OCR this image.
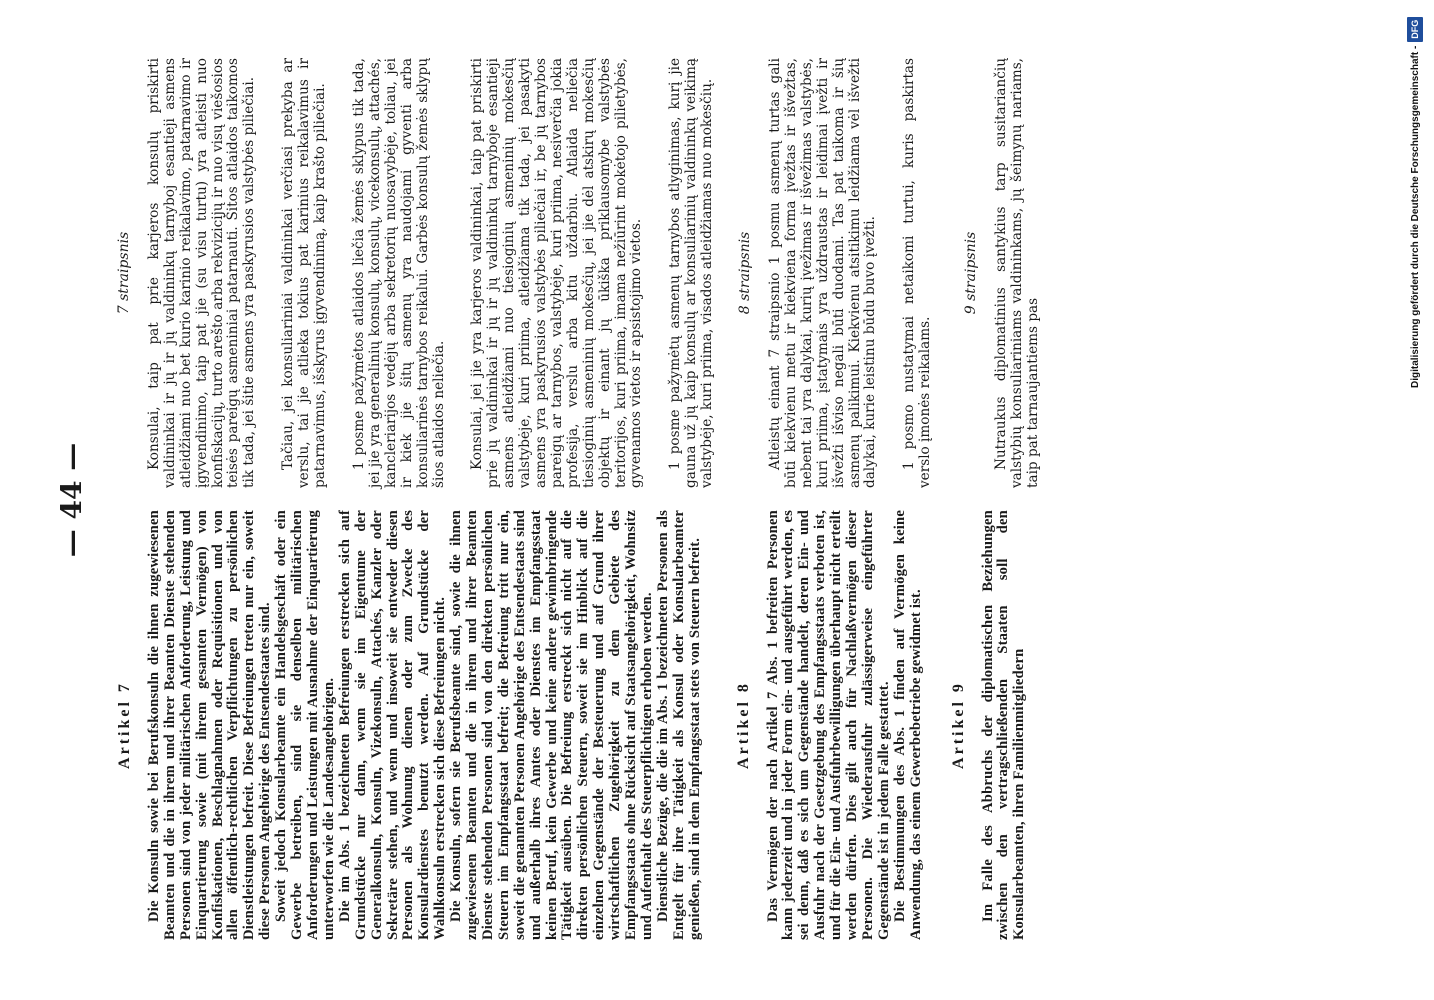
— 44 —
Artikel 7 Die Konsuln sowie bei Berufskonsuln die ihnen zugewiesenen Beamten und die in ihrem und ihrer Beamten Dienste stehenden Personen sind von jeder militärischen Anforderung, Leistung und Einquartierung sowie (mit ihrem gesamten Vermögen) von Konfiskationen, Beschlagnahmen oder Requisitionen und von allen öffentlich-rechtlichen Verpflichtungen zu persönlichen Dienstleistungen befreit. Diese Befreiungen treten nur ein, soweit diese Personen Angehörige des Entsendestaates sind. Soweit jedoch Konsularbeamte ein Handelsgeschäft oder ein Gewerbe betreiben, sind sie denselben militärischen Anforderungen und Leistungen mit Ausnahme der Einquartierung unterworfen wie die Landesangehörigen. Die im Abs. 1 bezeichneten Befreiungen erstrecken sich auf Grundstücke nur dann, wenn sie im Eigentume der Generalkonsuln, Konsuln, Vizekonsuln, Attachés, Kanzler oder Sekretäre stehen, und wenn und insoweit sie entweder diesen Personen als Wohnung dienen oder zum Zwecke des Konsulardienstes benutzt werden. Auf Grundstücke der Wahlkonsuln erstrecken sich diese Befreiungen nicht. Die Konsuln, sofern sie Berufsbeamte sind, sowie die ihnen zugewiesenen Beamten und die in ihrem und ihrer Beamten Dienste stehenden Personen sind von den direkten persönlichen Steuern im Empfangsstaat befreit; die Befreiung tritt nur ein, soweit die genannten Personen Angehörige des Entsendestaats sind und außerhalb ihres Amtes oder Dienstes im Empfangsstaat keinen Beruf, kein Gewerbe und keine andere gewinnbringende Tätigkeit ausüben. Die Befreiung erstreckt sich nicht auf die direkten persönlichen Steuern, soweit sie im Hinblick auf die einzelnen Gegenstände der Besteuerung und auf Grund ihrer wirtschaftlichen Zugehörigkeit zu dem Gebiete des Empfangsstaats ohne Rücksicht auf Staatsangehörigkeit, Wohnsitz und Aufenthalt des Steuerpflichtigen erhoben werden. Dienstliche Bezüge, die die im Abs. 1 bezeichneten Personen als Entgelt für ihre Tätigkeit als Konsul oder Konsularbeamter genießen, sind in dem Empfangsstaat stets von Steuern befreit. Artikel 8 Das Vermögen der nach Artikel 7 Abs. 1 befreiten Personen kann jederzeit und in jeder Form ein- und ausgeführt werden, es sei denn, daß es sich um Gegenstände handelt, deren Ein- und Ausfuhr nach der Gesetzgebung des Empfangsstaats verboten ist, und für die Ein- und Ausfuhrbewilligungen überhaupt nicht erteilt werden dürfen. Dies gilt auch für Nachlaßvermögen dieser Personen. Die Wiederausfuhr zulässigerweise eingeführter Gegenstände ist in jedem Falle gestattet. Die Bestimmungen des Abs. 1 finden auf Vermögen keine Anwendung, das einem Gewerbebetriebe gewidmet ist. Artikel 9 Im Falle des Abbruchs der diplomatischen Beziehungen zwischen den vertragschließenden Staaten soll den Konsularbeamten, ihren Familienmitgliedern

7 straipsnis Konsulai, taip pat prie karjeros konsulų priskirti valdininkai ir jų ir jų valdininkų tarnyboj esantieji asmens atleidžiami nuo bet kurio karinio reikalavimo, patarnavimo ir įgyvendinimo, taip pat jie (su visu turtu) yra atleisti nuo konfiskacijų, turto arešto arba rekvizicijų ir nuo visų viešosios teisės pareigų asmeniniai patarnauti. Šitos atlaidos taikomos tik tada, jei šitie asmens yra paskyrusios valstybės piliečiai. Tačiau, jei konsuliariniai valdininkai verčiasi prekyba ar verslu, tai jie atlieka tokius pat karinius reikalavimus ir patarnavimus, išskyrus įgyvendinimą, kaip krašto piliečiai. 1 posme pažymėtos atlaidos liečia žemės sklypus tik tada, jei jie yra generalinių konsulų, konsulų, vicekonsulų, attachés, kancleriarijos vedėjų arba sekretorių nuosavybėje, toliau, jei ir kiek jie šitų asmenų yra naudojami gyventi arba konsuliarinės tarnybos reikalui. Garbės konsulų žemės sklypų šios atlaidos neliečia. Konsulai, jei jie yra karjeros valdininkai, taip pat priskirti prie jų valdininkai ir jų ir jų valdininkų tarnyboje esantieji asmens atleidžiami nuo tiesioginių asmeninių mokesčių valstybėje, kuri priima, atleidžiama tik tada, jei pasakyti asmens yra paskyrusios valstybės piliečiai ir, be jų tarnybos pareigų ar tarnybos, valstybėje, kuri priima, nesiverčia jokia profesija, verslu arba kitu uždarbiu. Atlaida neliečia tiesioginių asmeninių mokesčių, jei jie dėl atskirų mokesčių objektų ir einant jų ūkiška priklausomybe valstybės teritorijos, kuri priima, imama nežiūrint mokėtojo pilietybės, gyvenamos vietos ir apsistojimo vietos. 1 posme pažymėtų asmenų tarnybos atlyginimas, kurį jie gauna už jų kaip konsulų ar konsuliarinių valdininkų veikimą valstybėje, kuri priima, visados atleidžiamas nuo mokesčių. 8 straipsnis Atleistų einant 7 straipsnio 1 posmu asmenų turtas gali būti kiekvienu metu ir kiekviena forma įvežtas ir išvežtas, nebent tai yra dalykai, kurių įvežimas ir išvežimas valstybės, kuri priima, įstatymais yra uždraustas ir leidimai įvežti ir išvežti išviso negali būti duodami. Tas pat taikoma ir šių asmenų palikimui. Kiekvienu atsitikimu leidžiama vėl išvežti dalykai, kurie leistinu būdu buvo įvežti. 1 posmo nustatymai netaikomi turtui, kuris paskirtas verslo įmonės reikalams.

9 straipsnis Nutraukus diplomatinius santykius tarp susitariančių valstybių konsuliariniams valdininkams, jų šeimynų nariams, taip pat tarnaujantiems pas

Digitalisierung gefördert durch die Deutsche Forschungsgemeinschaft -DFG
